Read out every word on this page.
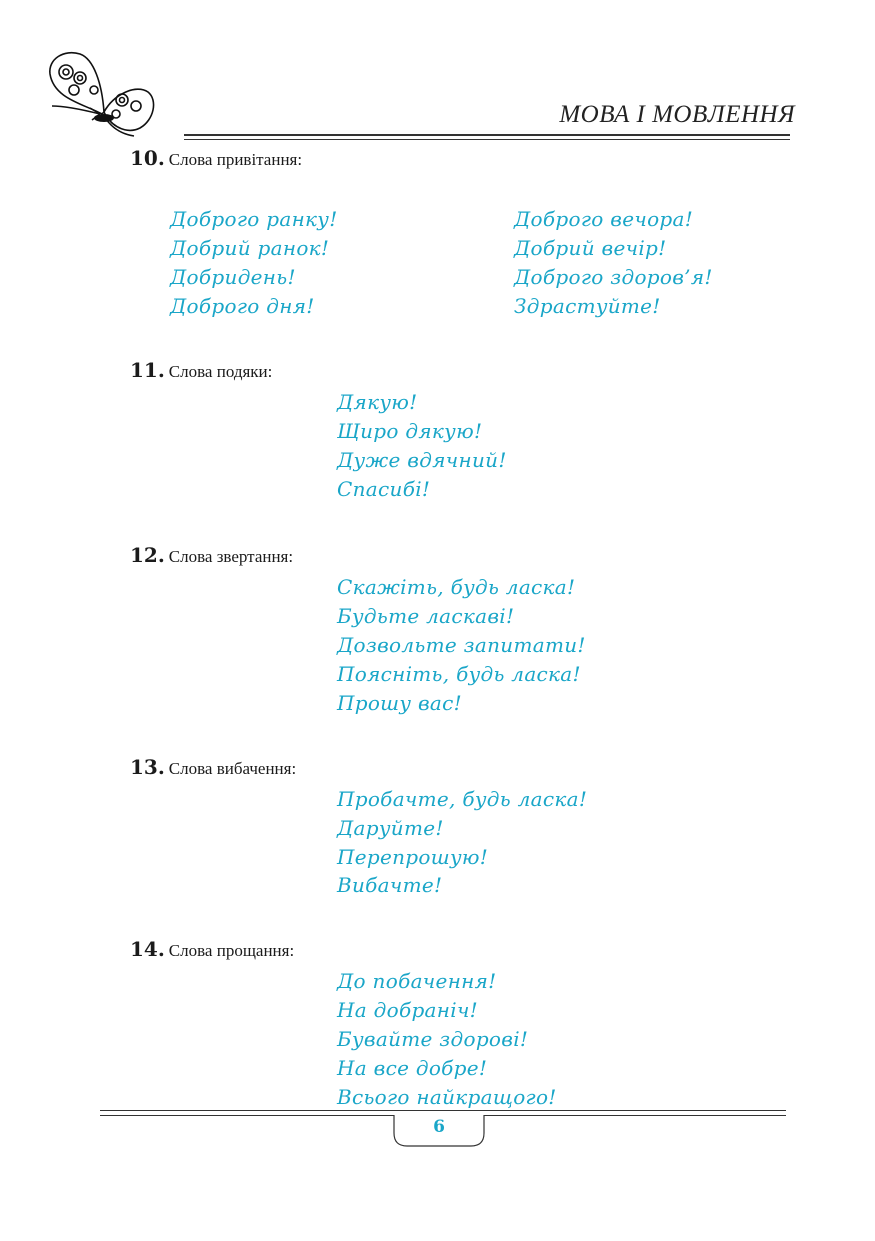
МОВА І МОВЛЕННЯ
10. Слова привітання:
Доброго ранку!
Добрий ранок!
Добридень!
Доброго дня!
Доброго вечора!
Добрий вечір!
Доброго здоров’я!
Здрастуйте!
11. Слова подяки:
Дякую!
Щиро дякую!
Дуже вдячний!
Спасибі!
12. Слова звертання:
Скажіть, будь ласка!
Будьте ласкаві!
Дозвольте запитати!
Поясніть, будь ласка!
Прошу вас!
13. Слова вибачення:
Пробачте, будь ласка!
Даруйте!
Перепрошую!
Вибачте!
14. Слова прощання:
До побачення!
На добраніч!
Бувайте здорові!
На все добре!
Всього найкращого!
6
